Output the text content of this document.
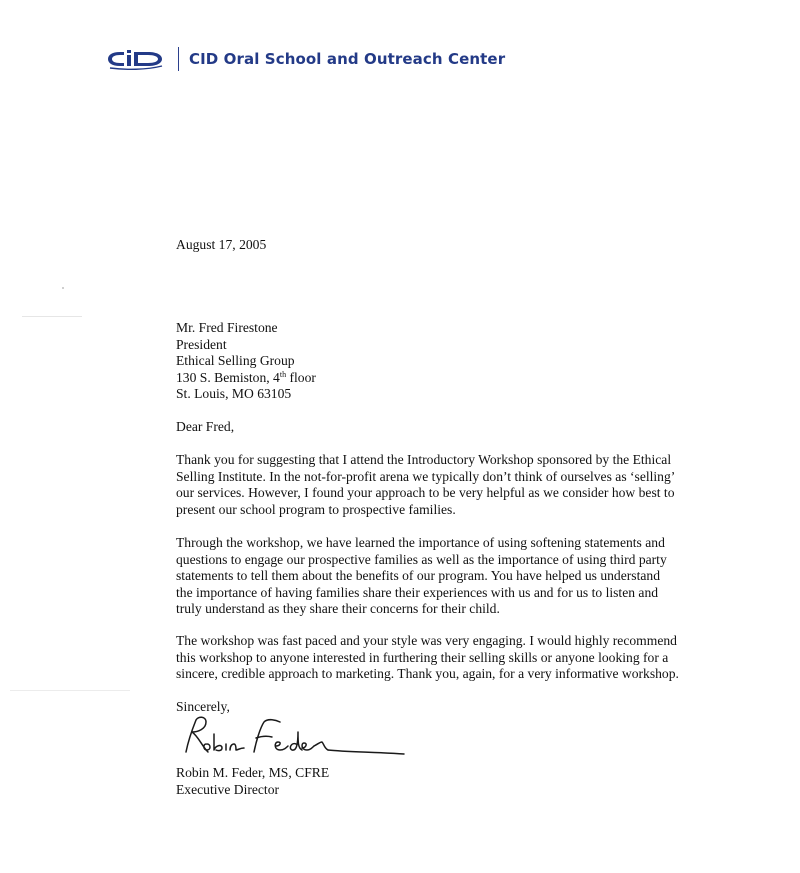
CID Oral School and Outreach Center
August 17, 2005
Mr. Fred Firestone
President
Ethical Selling Group
130 S. Bemiston, 4th floor
St. Louis, MO 63105
Dear Fred,
Thank you for suggesting that I attend the Introductory Workshop sponsored by the Ethical
Selling Institute. In the not-for-profit arena we typically don’t think of ourselves as ‘selling’
our services. However, I found your approach to be very helpful as we consider how best to
present our school program to prospective families.
Through the workshop, we have learned the importance of using softening statements and
questions to engage our prospective families as well as the importance of using third party
statements to tell them about the benefits of our program. You have helped us understand
the importance of having families share their experiences with us and for us to listen and
truly understand as they share their concerns for their child.
The workshop was fast paced and your style was very engaging. I would highly recommend
this workshop to anyone interested in furthering their selling skills or anyone looking for a
sincere, credible approach to marketing. Thank you, again, for a very informative workshop.
Sincerely,
Robin M. Feder, MS, CFRE
Executive Director
